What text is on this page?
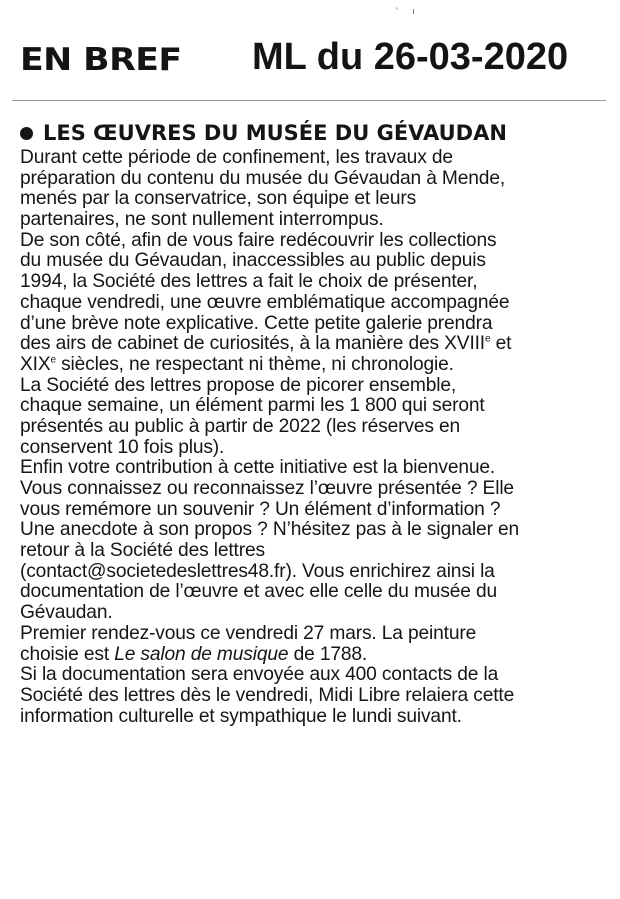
' ı
EN BREF ML du 26-03-2020
LES ŒUVRES DU MUSÉE DU GÉVAUDAN
Durant cette période de confinement, les travaux de
préparation du contenu du musée du Gévaudan à Mende,
menés par la conservatrice, son équipe et leurs
partenaires, ne sont nullement interrompus.
De son côté, afin de vous faire redécouvrir les collections
du musée du Gévaudan, inaccessibles au public depuis
1994, la Société des lettres a fait le choix de présenter,
chaque vendredi, une œuvre emblématique accompagnée
d’une brève note explicative. Cette petite galerie prendra
des airs de cabinet de curiosités, à la manière des XVIIIe et
XIXe siècles, ne respectant ni thème, ni chronologie.
La Société des lettres propose de picorer ensemble,
chaque semaine, un élément parmi les 1 800 qui seront
présentés au public à partir de 2022 (les réserves en
conservent 10 fois plus).
Enfin votre contribution à cette initiative est la bienvenue.
Vous connaissez ou reconnaissez l’œuvre présentée ? Elle
vous remémore un souvenir ? Un élément d’information ?
Une anecdote à son propos ? N’hésitez pas à le signaler en
retour à la Société des lettres
(contact@societedeslettres48.fr). Vous enrichirez ainsi la
documentation de l’œuvre et avec elle celle du musée du
Gévaudan.
Premier rendez-vous ce vendredi 27 mars. La peinture
choisie est Le salon de musique de 1788.
Si la documentation sera envoyée aux 400 contacts de la
Société des lettres dès le vendredi, Midi Libre relaiera cette
information culturelle et sympathique le lundi suivant.
